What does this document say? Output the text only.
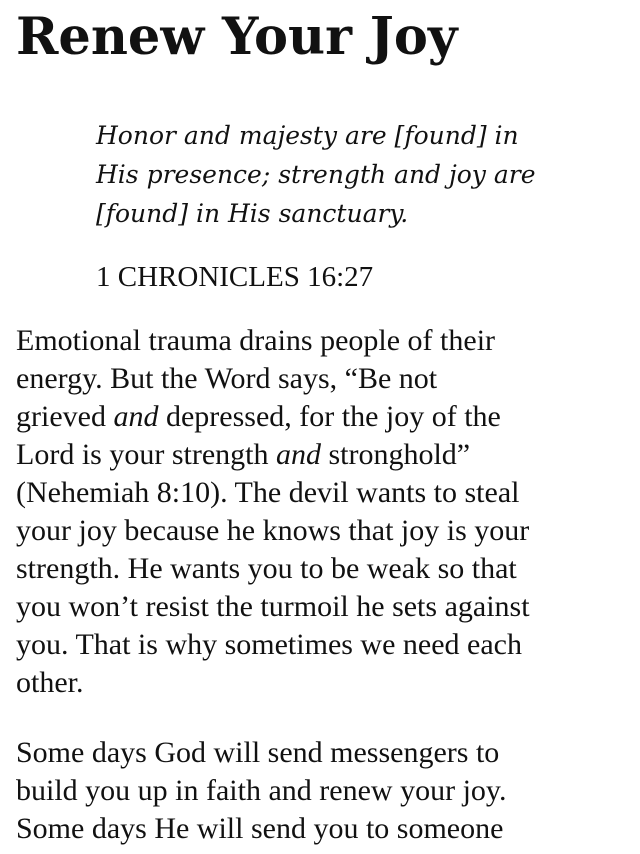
Renew Your Joy
Honor and majesty are [found] in
His presence; strength and joy are
[found] in His sanctuary.
1 CHRONICLES 16:27

Emotional trauma drains people of their
energy. But the Word says, “Be not
grieved and depressed, for the joy of the
Lord is your strength and stronghold”
(Nehemiah 8:10). The devil wants to steal
your joy because he knows that joy is your
strength. He wants you to be weak so that
you won’t resist the turmoil he sets against
you. That is why sometimes we need each
other.

Some days God will send messengers to
build you up in faith and renew your joy.
Some days He will send you to someone
